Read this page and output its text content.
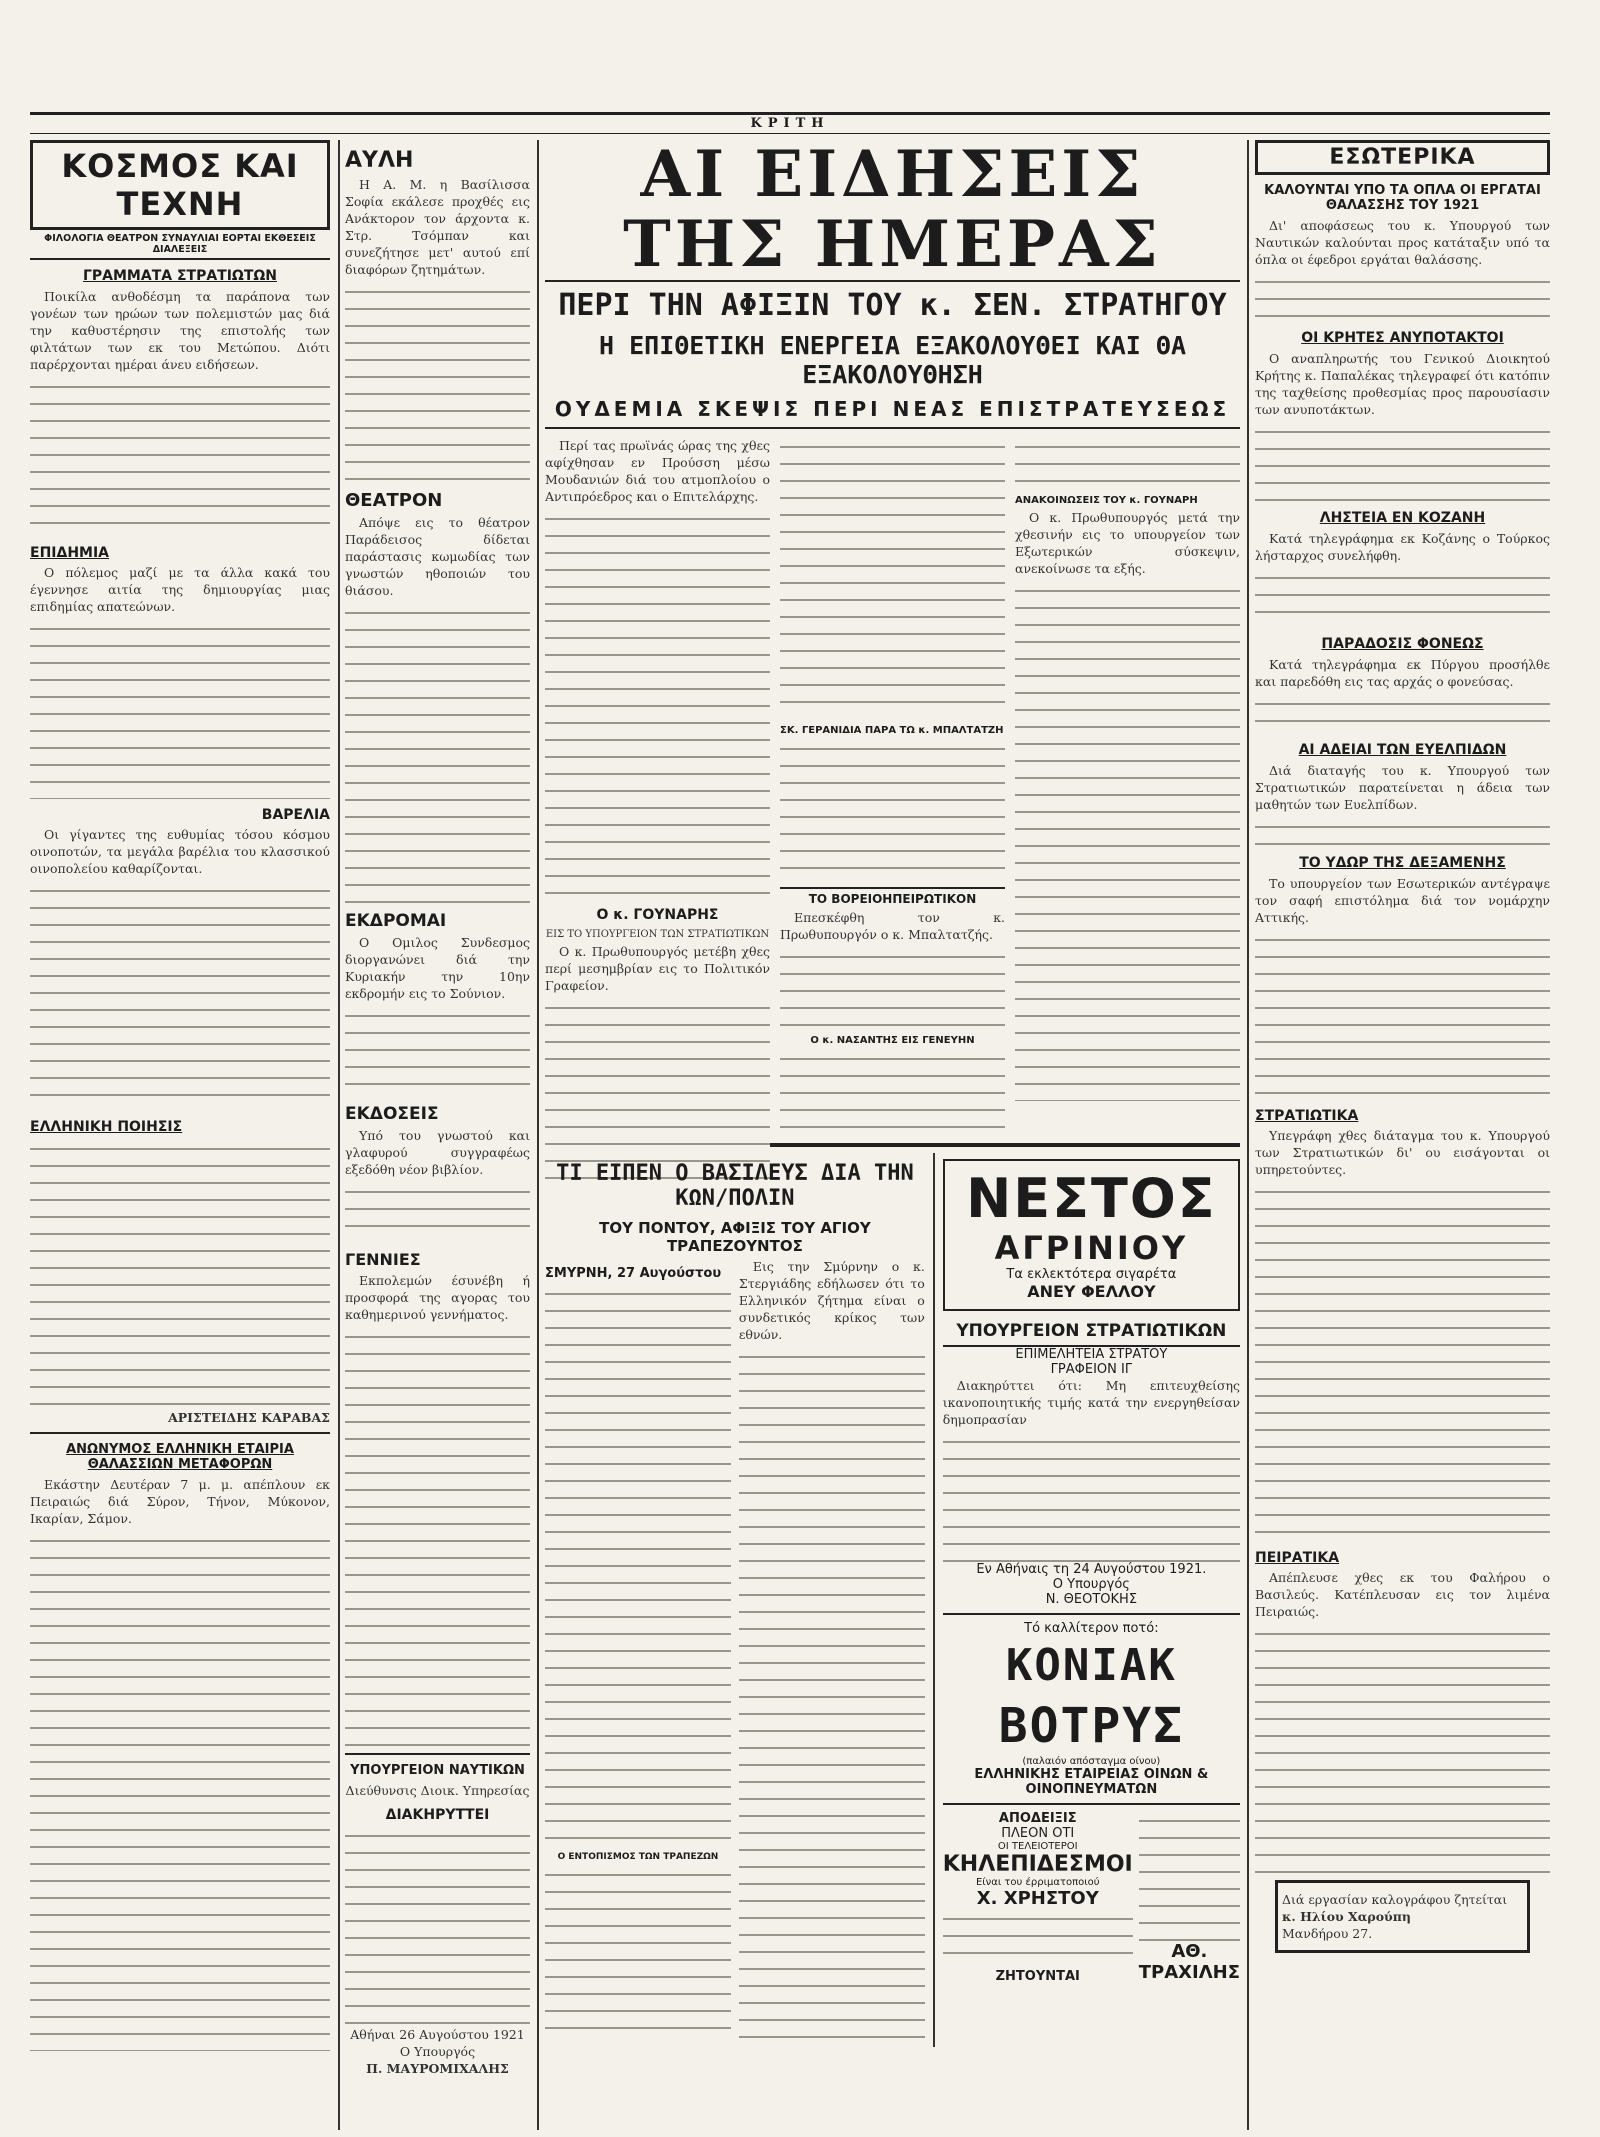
ΚΡΙΤΗ
ΚΟΣΜΟΣ ΚΑΙ ΤΕΧΝΗ
ΦΙΛΟΛΟΓΙΑ ΘΕΑΤΡΟΝ ΣΥΝΑΥΛΙΑΙ ΕΟΡΤΑΙ ΕΚΘΕΣΕΙΣ ΔΙΑΛΕΞΕΙΣ
ΓΡΑΜΜΑΤΑ ΣΤΡΑΤΙΩΤΩΝ

Ποικίλα ανθοδέσμη τα παράπονα των γονέων των ηρώων των πολεμιστών μας διά την καθυστέρησιν της επιστολής των φιλτάτων των εκ του Μετώπου. Διότι παρέρχονται ημέραι άνευ ειδήσεων.

ΕΠΙΔΗΜΙΑ

Ο πόλεμος μαζί με τα άλλα κακά του έγεννησε αιτία της δημιουργίας μιας επιδημίας απατεώνων.

ΒΑΡΕΛΙΑ

Οι γίγαντες της ευθυμίας τόσου κόσμου οινοποτών, τα μεγάλα βαρέλια του κλασσικού οινοπολείου καθαρίζονται.

ΕΛΛΗΝΙΚΗ ΠΟΙΗΣΙΣ
ΑΡΙΣΤΕΙΔΗΣ ΚΑΡΑΒΑΣ
ΑΝΩΝΥΜΟΣ ΕΛΛΗΝΙΚΗ ΕΤΑΙΡΙΑ ΘΑΛΑΣΣΙΩΝ ΜΕΤΑΦΟΡΩΝ

Εκάστην Δευτέραν 7 μ. μ. απέπλουν εκ Πειραιώς διά Σύρον, Τήνον, Μύκονον, Ικαρίαν, Σάμον.

ΑΥΛΗ

Η Α. Μ. η Βασίλισσα Σοφία εκάλεσε προχθές εις Ανάκτορον τον άρχοντα κ. Στρ. Τσόμπαν και συνεζήτησε μετ' αυτού επί διαφόρων ζητημάτων.

ΘΕΑΤΡΟΝ

Απόψε εις το θέατρον Παράδεισος δίδεται παράστασις κωμωδίας των γνωστών ηθοποιών του θιάσου.

ΕΚΔΡΟΜΑΙ

Ο Ομιλος Συνδεσμος διοργανώνει διά την Κυριακήν την 10ην εκδρομήν εις το Σούνιον.

ΕΚΔΟΣΕΙΣ

Υπό του γνωστού και γλαφυρού συγγραφέως εξεδόθη νέον βιβλίον.

ΓΕΝΝΙΕΣ

Εκπολεμών έσυνέβη ή προσφορά της αγορας του καθημερινού γεννήματος.

ΥΠΟΥΡΓΕΙΟΝ ΝΑΥΤΙΚΩΝ
Διεύθυνσις Διοικ. Υπηρεσίας
ΔΙΑΚΗΡΥΤΤΕΙ
Αθήναι 26 Αυγούστου 1921
Ο Υπουργός
Π. ΜΑΥΡΟΜΙΧΑΛΗΣ
ΑΙ ΕΙΔΗΣΕΙΣ ΤΗΣ ΗΜΕΡΑΣ
ΠΕΡΙ ΤΗΝ ΑΦΙΞΙΝ ΤΟΥ κ. ΣΕΝ. ΣΤΡΑΤΗΓΟΥ
Η ΕΠΙΘΕΤΙΚΗ ΕΝΕΡΓΕΙΑ ΕΞΑΚΟΛΟΥΘΕΙ ΚΑΙ ΘΑ ΕΞΑΚΟΛΟΥΘΗΣΗ
ΟΥΔΕΜΙΑ ΣΚΕΨΙΣ ΠΕΡΙ ΝΕΑΣ ΕΠΙΣΤΡΑΤΕΥΣΕΩΣ

Περί τας πρωϊνάς ώρας της χθες αφίχθησαν εν Προύσση μέσω Μουδανιών διά του ατμοπλοίου ο Αντιπρόεδρος και ο Επιτελάρχης.

Ο κ. ΓΟΥΝΑΡΗΣ
ΕΙΣ ΤΟ ΥΠΟΥΡΓΕΙΟΝ ΤΩΝ ΣΤΡΑΤΙΩΤΙΚΩΝ

Ο κ. Πρωθυπουργός μετέβη χθες περί μεσημβρίαν εις το Πολιτικόν Γραφείον.

ΣΚ. ΓΕΡΑΝΙΔΙΑ ΠΑΡΑ ΤΩ κ. ΜΠΑΛΤΑΤΖΗ
ΤΟ ΒΟΡΕΙΟΗΠΕΙΡΩΤΙΚΟΝ

Επεσκέφθη τον κ. Πρωθυπουργόν ο κ. Μπαλτατζής.

Ο κ. ΝΑΣΑΝΤΗΣ ΕΙΣ ΓΕΝΕΥΗΝ
ΑΝΑΚΟΙΝΩΣΕΙΣ ΤΟΥ κ. ΓΟΥΝΑΡΗ

Ο κ. Πρωθυπουργός μετά την χθεσινήν εις το υπουργείον των Εξωτερικών σύσκεψιν, ανεκοίνωσε τα εξής.

ΤΙ ΕΙΠΕΝ Ο ΒΑΣΙΛΕΥΣ ΔΙΑ ΤΗΝ ΚΩΝ/ΠΟΛΙΝ
ΤΟΥ ΠΟΝΤΟΥ, ΑΦΙΞΙΣ ΤΟΥ ΑΓΙΟΥ ΤΡΑΠΕΖΟΥΝΤΟΣ
ΣΜΥΡΝΗ, 27 Αυγούστου
Ο ΕΝΤΟΠΙΣΜΟΣ ΤΩΝ ΤΡΑΠΕΖΩΝ

Εις την Σμύρνην ο κ. Στεργιάδης εδήλωσεν ότι το Ελληνικόν ζήτημα είναι ο συνδετικός κρίκος των εθνών.

ΝΕΣΤΟΣ
ΑΓΡΙΝΙΟΥ
Τα εκλεκτότερα σιγαρέτα
ΑΝΕΥ ΦΕΛΛΟΥ
ΥΠΟΥΡΓΕΙΟΝ ΣΤΡΑΤΙΩΤΙΚΩΝ
ΕΠΙΜΕΛΗΤΕΙΑ ΣΤΡΑΤΟΥ
ΓΡΑΦΕΙΟΝ ΙΓ

Διακηρύττει ότι: Μη επιτευχθείσης ικανοποιητικής τιμής κατά την ενεργηθείσαν δημοπρασίαν

Εν Αθήναις τη 24 Αυγούστου 1921.
Ο Υπουργός
Ν. ΘΕΟΤΟΚΗΣ
Τό καλλίτερον ποτό:
ΚΟΝΙΑΚ
ΒΟΤΡΥΣ
(παλαιόν απόσταγμα οίνου)
ΕΛΛΗΝΙΚΗΣ ΕΤΑΙΡΕΙΑΣ ΟΙΝΩΝ & ΟΙΝΟΠΝΕΥΜΑΤΩΝ
ΑΠΟΔΕΙΞΙΣ
ΠΛΕΟΝ ΟΤΙ
ΟΙ ΤΕΛΕΙΟΤΕΡΟΙ
ΚΗΛΕΠΙΔΕΣΜΟΙ
Είναι του έρριματοποιού
Χ. ΧΡΗΣΤΟΥ
ΖΗΤΟΥΝΤΑΙ
ΑΘ. ΤΡΑΧΙΛΗΣ
ΕΣΩΤΕΡΙΚΑ
ΚΑΛΟΥΝΤΑΙ ΥΠΟ ΤΑ ΟΠΛΑ ΟΙ ΕΡΓΑΤΑΙ ΘΑΛΑΣΣΗΣ ΤΟΥ 1921

Δι' αποφάσεως του κ. Υπουργού των Ναυτικών καλούνται προς κατάταξιν υπό τα όπλα οι έφεδροι εργάται θαλάσσης.

ΟΙ ΚΡΗΤΕΣ ΑΝΥΠΟΤΑΚΤΟΙ

Ο αναπληρωτής του Γενικού Διοικητού Κρήτης κ. Παπαλέκας τηλεγραφεί ότι κατόπιν της ταχθείσης προθεσμίας προς παρουσίασιν των ανυποτάκτων.

ΛΗΣΤΕΙΑ ΕΝ ΚΟΖΑΝΗ

Κατά τηλεγράφημα εκ Κοζάνης ο Τούρκος λήσταρχος συνελήφθη.

ΠΑΡΑΔΟΣΙΣ ΦΟΝΕΩΣ

Κατά τηλεγράφημα εκ Πύργου προσήλθε και παρεδόθη εις τας αρχάς ο φονεύσας.

ΑΙ ΑΔΕΙΑΙ ΤΩΝ ΕΥΕΛΠΙΔΩΝ

Διά διαταγής του κ. Υπουργού των Στρατιωτικών παρατείνεται η άδεια των μαθητών των Ευελπίδων.

ΤΟ ΥΔΩΡ ΤΗΣ ΔΕΞΑΜΕΝΗΣ

Το υπουργείον των Εσωτερικών αντέγραψε τον σαφή επιστόλημα διά τον νομάρχην Αττικής.

ΣΤΡΑΤΙΩΤΙΚΑ

Υπεγράφη χθες διάταγμα του κ. Υπουργού των Στρατιωτικών δι' ου εισάγονται οι υπηρετούντες.

ΠΕΙΡΑΤΙΚΑ

Απέπλευσε χθες εκ του Φαλήρου ο Βασιλεύς. Κατέπλευσαν εις τον λιμένα Πειραιώς.

Διά εργασίαν καλογράφου ζητείται
κ. Ηλίου Χαρούπη
Μανδήρου 27.
